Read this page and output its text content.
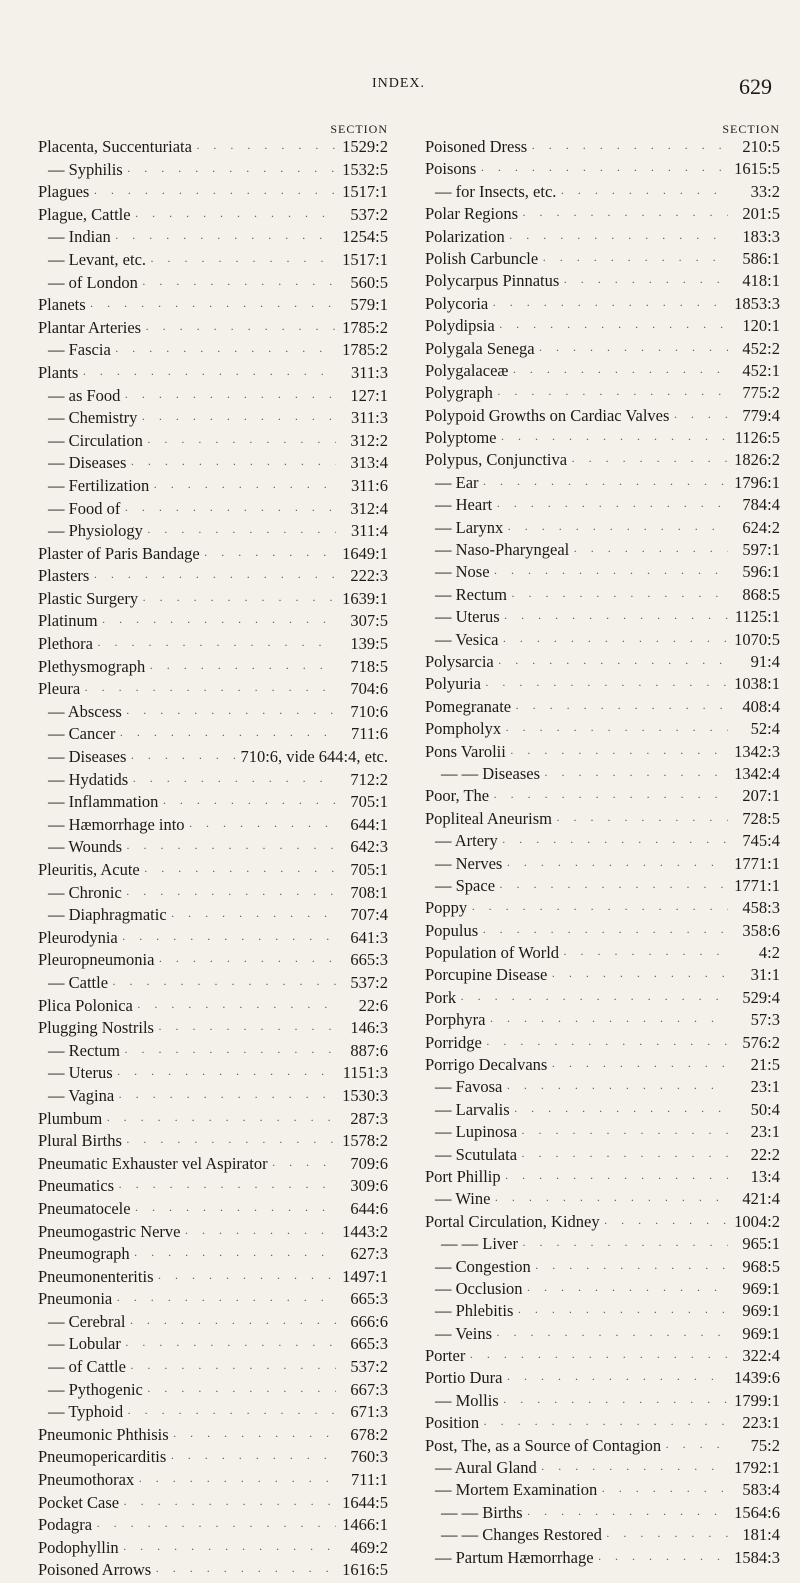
INDEX.	629
SECTION
Placenta, Succenturiata · · ·	1529:2
— Syphilis · · ·	1532:5
Plagues · · ·	1517:1
Plague, Cattle · · ·	537:2
— Indian · · ·	1254:5
— Levant, etc. · · ·	1517:1
— of London · · ·	560:5
Planets · · ·	579:1
Plantar Arteries · · ·	1785:2
— Fascia · · ·	1785:2
Plants · · ·	311:3
— as Food · · ·	127:1
— Chemistry · · ·	311:3
— Circulation · · ·	312:2
— Diseases · · ·	313:4
— Fertilization · · ·	311:6
— Food of · · ·	312:4
— Physiology · · ·	311:4
Plaster of Paris Bandage · · ·	1649:1
Plasters · · ·	222:3
Plastic Surgery · · ·	1639:1
Platinum · · ·	307:5
Plethora · · ·	139:5
Plethysmograph · · ·	718:5
Pleura · · ·	704:6
— Abscess · · ·	710:6
— Cancer · · ·	711:6
— Diseases · · ·	710:6, vide 644:4, etc.
— Hydatids · · ·	712:2
— Inflammation · · ·	705:1
— Hæmorrhage into · · ·	644:1
— Wounds · · ·	642:3
Pleuritis, Acute · · ·	705:1
— Chronic · · ·	708:1
— Diaphragmatic · · ·	707:4
Pleurodynia · · ·	641:3
Pleuropneumonia · · ·	665:3
— Cattle · · ·	537:2
Plica Polonica · · ·	22:6
Plugging Nostrils · · ·	146:3
— Rectum · · ·	887:6
— Uterus · · ·	1151:3
— Vagina · · ·	1530:3
Plumbum · · ·	287:3
Plural Births · · ·	1578:2
Pneumatic Exhauster vel Aspirator · · ·	709:6
Pneumatics · · ·	309:6
Pneumatocele · · ·	644:6
Pneumogastric Nerve · · ·	1443:2
Pneumograph · · ·	627:3
Pneumonenteritis · · ·	1497:1
Pneumonia · · ·	665:3
— Cerebral · · ·	666:6
— Lobular · · ·	665:3
— of Cattle · · ·	537:2
— Pythogenic · · ·	667:3
— Typhoid · · ·	671:3
Pneumonic Phthisis · · ·	678:2
Pneumopericarditis · · ·	760:3
Pneumothorax · · ·	711:1
Pocket Case · · ·	1644:5
Podagra · · ·	1466:1
Podophyllin · · ·	469:2
Poisoned Arrows · · ·	1616:5
SECTION
Poisoned Dress · · ·	210:5
Poisons · · ·	1615:5
— for Insects, etc. · · ·	33:2
Polar Regions · · ·	201:5
Polarization · · ·	183:3
Polish Carbuncle · · ·	586:1
Polycarpus Pinnatus · · ·	418:1
Polycoria · · ·	1853:3
Polydipsia · · ·	120:1
Polygala Senega · · ·	452:2
Polygalaceæ · · ·	452:1
Polygraph · · ·	775:2
Polypoid Growths on Cardiac Valves · · ·	779:4
Polyptome · · ·	1126:5
Polypus, Conjunctiva · · ·	1826:2
— Ear · · ·	1796:1
— Heart · · ·	784:4
— Larynx · · ·	624:2
— Naso-Pharyngeal · · ·	597:1
— Nose · · ·	596:1
— Rectum · · ·	868:5
— Uterus · · ·	1125:1
— Vesica · · ·	1070:5
Polysarcia · · ·	91:4
Polyuria · · ·	1038:1
Pomegranate · · ·	408:4
Pompholyx · · ·	52:4
Pons Varolii · · ·	1342:3
— — Diseases · · ·	1342:4
Poor, The · · ·	207:1
Popliteal Aneurism · · ·	728:5
— Artery · · ·	745:4
— Nerves · · ·	1771:1
— Space · · ·	1771:1
Poppy · · ·	458:3
Populus · · ·	358:6
Population of World · · ·	4:2
Porcupine Disease · · ·	31:1
Pork · · ·	529:4
Porphyra · · ·	57:3
Porridge · · ·	576:2
Porrigo Decalvans · · ·	21:5
— Favosa · · ·	23:1
— Larvalis · · ·	50:4
— Lupinosa · · ·	23:1
— Scutulata · · ·	22:2
Port Phillip · · ·	13:4
— Wine · · ·	421:4
Portal Circulation, Kidney · · ·	1004:2
— — Liver · · ·	965:1
— Congestion · · ·	968:5
— Occlusion · · ·	969:1
— Phlebitis · · ·	969:1
— Veins · · ·	969:1
Porter · · ·	322:4
Portio Dura · · ·	1439:6
— Mollis · · ·	1799:1
Position · · ·	223:1
Post, The, as a Source of Contagion · · ·	75:2
— Aural Gland · · ·	1792:1
— Mortem Examination · · ·	583:4
— — Births · · ·	1564:6
— — Changes Restored · · ·	181:4
— Partum Hæmorrhage · · ·	1584:3
